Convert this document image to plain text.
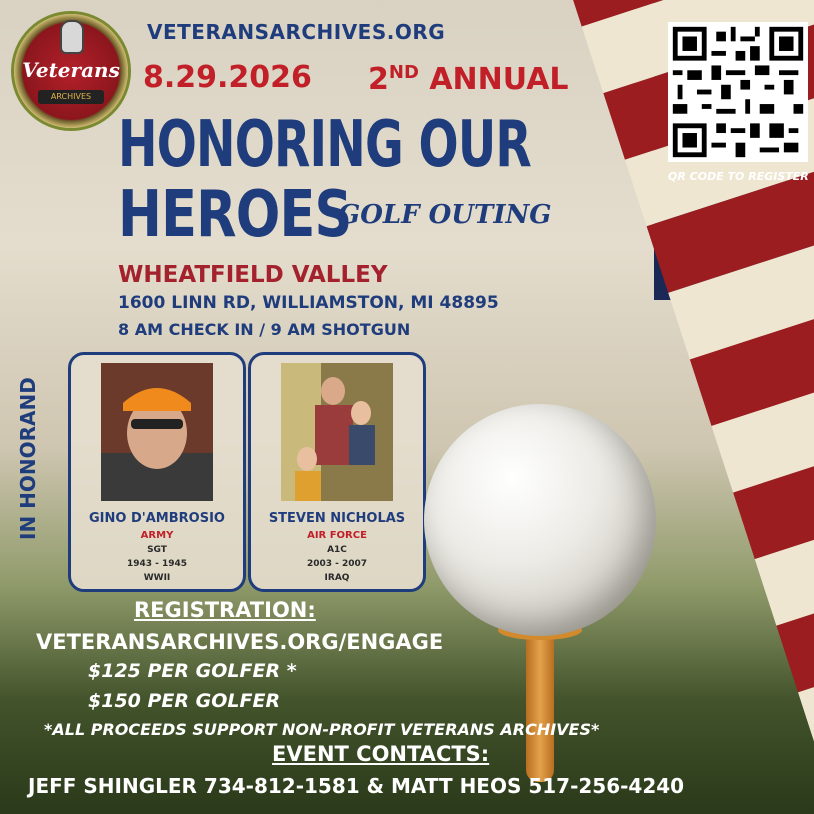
Veterans
ARCHIVES
VETERANSARCHIVES.ORG
8.29.2026 2ND ANNUAL
HONORING OUR
HEROES
GOLF OUTING
WHEATFIELD VALLEY
1600 LINN RD, WILLIAMSTON, MI 48895
8 AM CHECK IN / 9 AM SHOTGUN
QR CODE TO REGISTER
IN HONORAND	GINO D'AMBROSIO
ARMY
SGT
1943 - 1945
WWII
STEVEN NICHOLAS
AIR FORCE
A1C
2003 - 2007
IRAQ
REGISTRATION:
VETERANSARCHIVES.ORG/ENGAGE
$125 PER GOLFER *
$150 PER GOLFER
*ALL PROCEEDS SUPPORT NON-PROFIT VETERANS ARCHIVES*
EVENT CONTACTS:
JEFF SHINGLER 734-812-1581 & MATT HEOS 517-256-4240
